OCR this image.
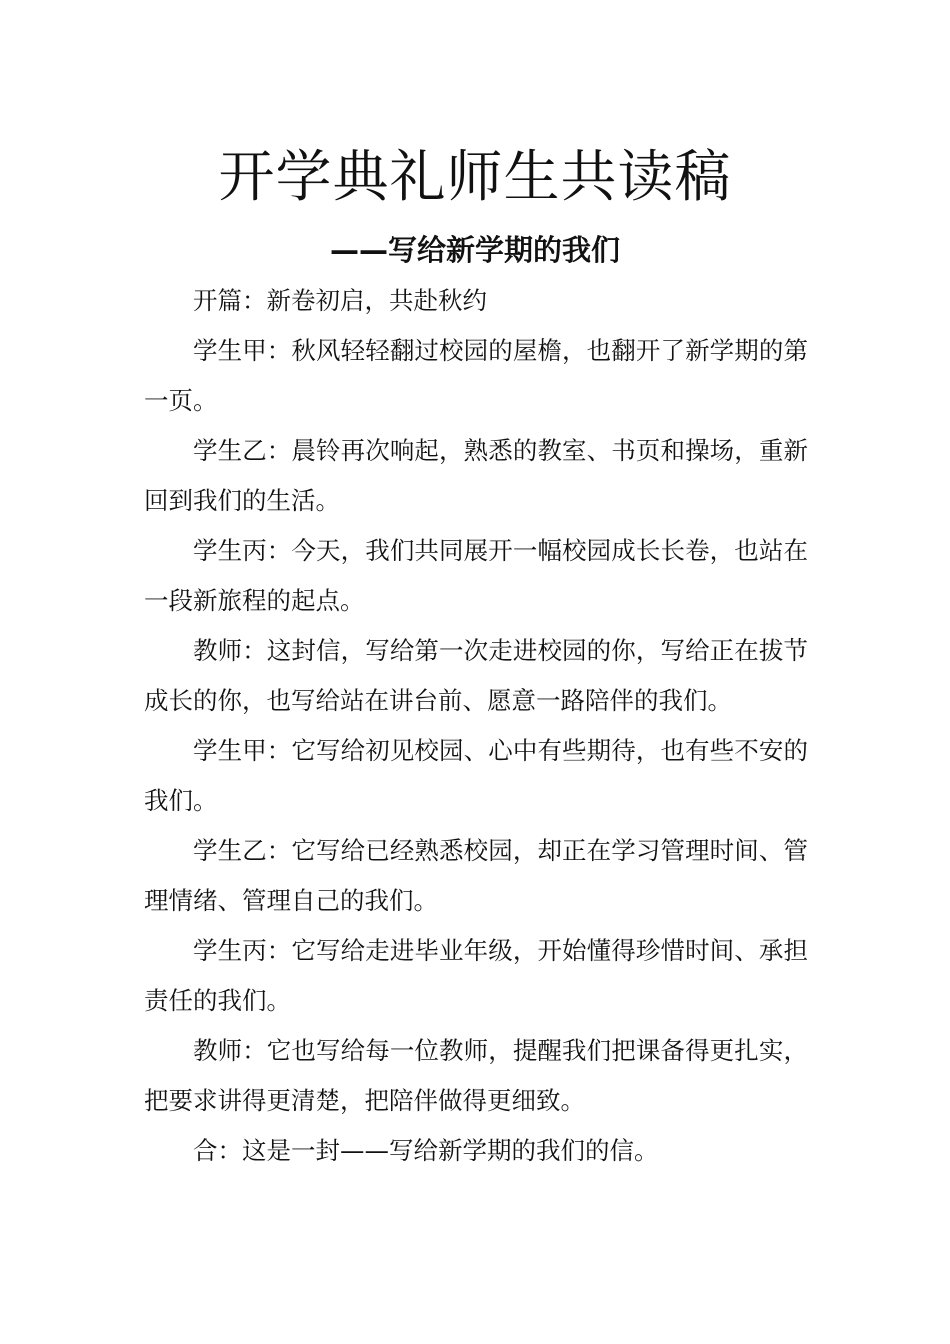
开学典礼师生共读稿
——写给新学期的我们

开篇：新卷初启，共赴秋约

学生甲：秋风轻轻翻过校园的屋檐，也翻开了新学期的第一页。

学生乙：晨铃再次响起，熟悉的教室、书页和操场，重新回到我们的生活。

学生丙：今天，我们共同展开一幅校园成长长卷，也站在一段新旅程的起点。

教师：这封信，写给第一次走进校园的你，写给正在拔节成长的你，也写给站在讲台前、愿意一路陪伴的我们。

学生甲：它写给初见校园、心中有些期待，也有些不安的我们。

学生乙：它写给已经熟悉校园，却正在学习管理时间、管理情绪、管理自己的我们。

学生丙：它写给走进毕业年级，开始懂得珍惜时间、承担责任的我们。

教师：它也写给每一位教师，提醒我们把课备得更扎实，把要求讲得更清楚，把陪伴做得更细致。

合：这是一封——写给新学期的我们的信。
